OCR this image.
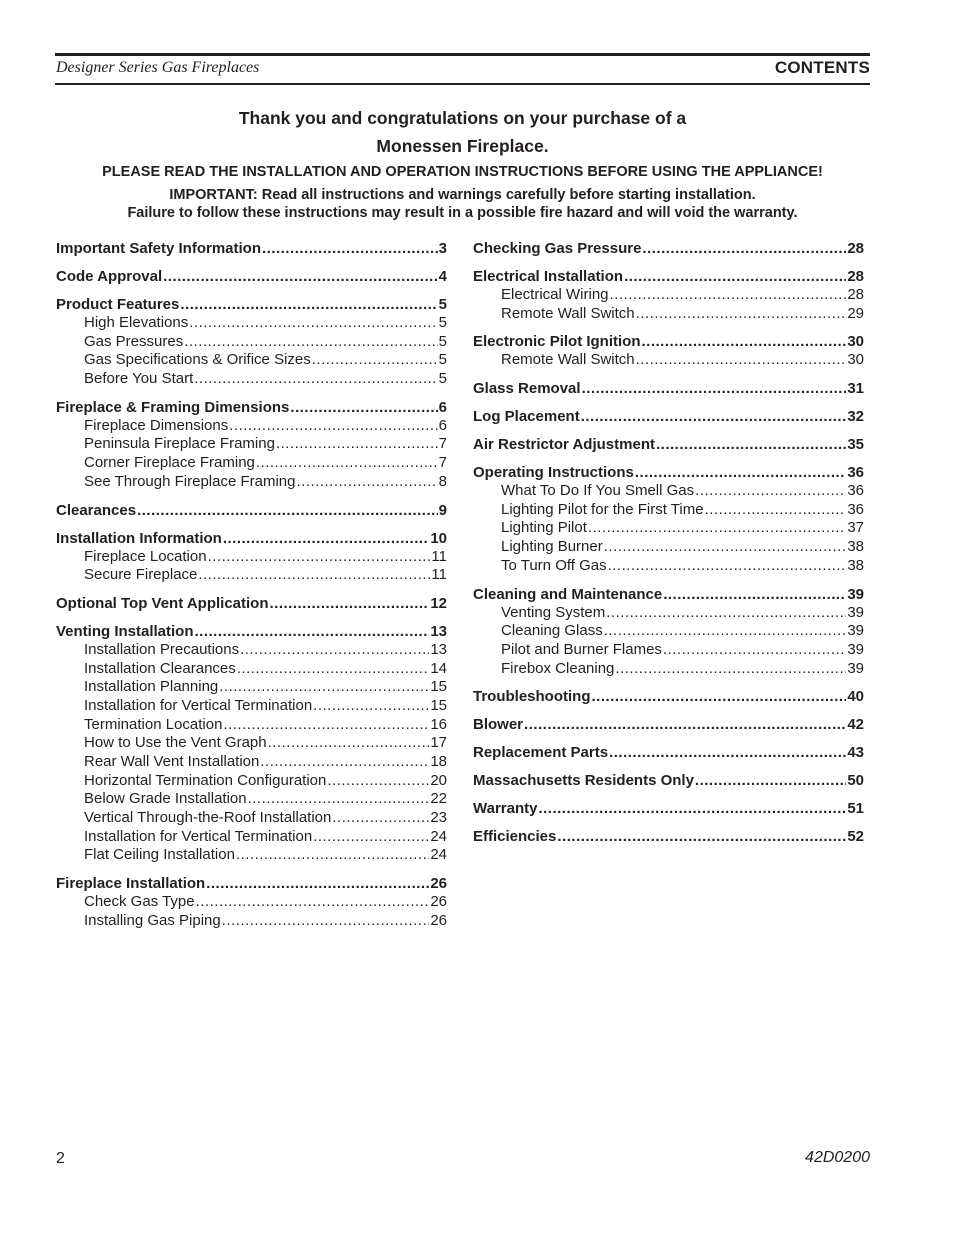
Designer Series Gas Fireplaces	CONTENTS
Thank you and congratulations on your purchase of a
Monessen Fireplace.
PLEASE READ THE INSTALLATION AND OPERATION INSTRUCTIONS BEFORE USING THE APPLIANCE!
IMPORTANT: Read all instructions and warnings carefully before starting installation.
Failure to follow these instructions may result in a possible fire hazard and will void the warranty.
Important Safety Information .....	3
Code Approval .....	4
Product Features .....	5
High Elevations .....	5
Gas Pressures .....	5
Gas Specifications & Orifice Sizes .....	5
Before You Start .....	5
Fireplace & Framing Dimensions .....	6
Fireplace Dimensions .....	6
Peninsula Fireplace Framing .....	7
Corner Fireplace Framing .....	7
See Through Fireplace Framing .....	8
Clearances .....	9
Installation Information .....	10
Fireplace Location .....	11
Secure Fireplace .....	11
Optional Top Vent Application .....	12
Venting Installation .....	13
Installation Precautions .....	13
Installation Clearances .....	14
Installation Planning .....	15
Installation for Vertical Termination .....	15
Termination Location .....	16
How to Use the Vent Graph .....	17
Rear Wall Vent Installation .....	18
Horizontal Termination Configuration .....	20
Below Grade Installation .....	22
Vertical Through-the-Roof Installation .....	23
Installation for Vertical Termination .....	24
Flat Ceiling Installation .....	24
Fireplace Installation .....	26
Check Gas Type .....	26
Installing Gas Piping .....	26
Checking Gas Pressure .....	28
Electrical Installation .....	28
Electrical Wiring .....	28
Remote Wall Switch .....	29
Electronic Pilot Ignition .....	30
Remote Wall Switch .....	30
Glass Removal .....	31
Log Placement .....	32
Air Restrictor Adjustment .....	35
Operating Instructions .....	36
What To Do If You Smell Gas .....	36
Lighting Pilot for the First Time .....	36
Lighting Pilot .....	37
Lighting Burner .....	38
To Turn Off Gas .....	38
Cleaning and Maintenance .....	39
Venting System .....	39
Cleaning Glass .....	39
Pilot and Burner Flames .....	39
Firebox Cleaning .....	39
Troubleshooting .....	40
Blower .....	42
Replacement Parts .....	43
Massachusetts Residents Only .....	50
Warranty .....	51
Efficiencies .....	52
2	42D0200
